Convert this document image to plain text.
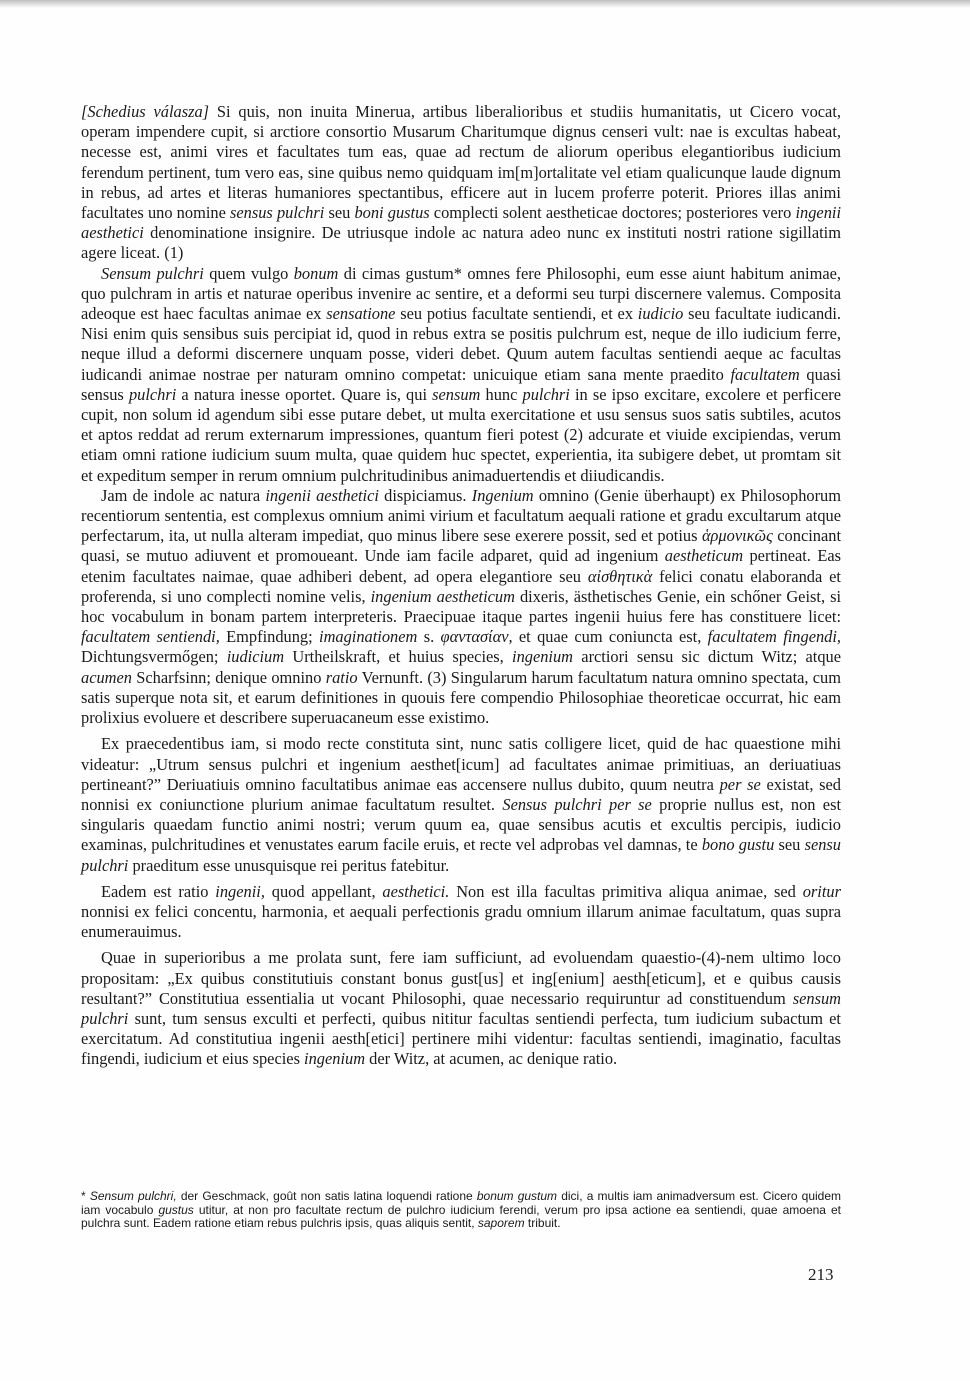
[Schedius válasza] Si quis, non inuita Minerua, artibus liberalioribus et studiis humanitatis, ut Cicero vocat, operam impendere cupit, si arctiore consortio Musarum Charitumque dignus censeri vult: nae is excultas habeat, necesse est, animi vires et facultates tum eas, quae ad rectum de aliorum operibus elegantioribus iudicium ferendum pertinent, tum vero eas, sine quibus nemo quidquam im[m]ortalitate vel etiam qualicunque laude dignum in rebus, ad artes et literas humaniores spectantibus, efficere aut in lucem proferre poterit. Priores illas animi facultates uno nomine sensus pulchri seu boni gustus complecti solent aestheticae doctores; posteriores vero ingenii aesthetici denominatione insignire. De utriusque indole ac natura adeo nunc ex instituti nostri ratione sigillatim agere liceat. (1)

Sensum pulchri quem vulgo bonum di cimas gustum* omnes fere Philosophi, eum esse aiunt habitum animae, quo pulchram in artis et naturae operibus invenire ac sentire, et a deformi seu turpi discernere valemus. Composita adeoque est haec facultas animae ex sensatione seu potius facultate sentiendi, et ex iudicio seu facultate iudicandi. Nisi enim quis sensibus suis percipiat id, quod in rebus extra se positis pulchrum est, neque de illo iudicium ferre, neque illud a deformi discernere unquam posse, videri debet. Quum autem facultas sentiendi aeque ac facultas iudicandi animae nostrae per naturam omnino competat: unicuique etiam sana mente praedito facultatem quasi sensus pulchri a natura inesse oportet. Quare is, qui sensum hunc pulchri in se ipso excitare, excolere et perficere cupit, non solum id agendum sibi esse putare debet, ut multa exercitatione et usu sensus suos satis subtiles, acutos et aptos reddat ad rerum externarum impressiones, quantum fieri potest (2) adcurate et viuide excipiendas, verum etiam omni ratione iudicium suum multa, quae quidem huc spectet, experientia, ita subigere debet, ut promtam sit et expeditum semper in rerum omnium pulchritudinibus animaduertendis et diiudicandis.

Jam de indole ac natura ingenii aesthetici dispiciamus. Ingenium omnino (Genie überhaupt) ex Philosophorum recentiorum sententia, est complexus omnium animi virium et facultatum aequali ratione et gradu excultarum atque perfectarum, ita, ut nulla alteram impediat, quo minus libere sese exerere possit, sed et potius ἁρμονικῶς concinant quasi, se mutuo adiuvent et promoueant. Unde iam facile adparet, quid ad ingenium aestheticum pertineat. Eas etenim facultates naimae, quae adhiberi debent, ad opera elegantiore seu αἰσθητικὰ felici conatu elaboranda et proferenda, si uno complecti nomine velis, ingenium aestheticum dixeris, ästhetisches Genie, ein schőner Geist, si hoc vocabulum in bonam partem interpreteris. Praecipuae itaque partes ingenii huius fere has constituere licet: facultatem sentiendi, Empfindung; imaginationem s. φαντασίαν, et quae cum coniuncta est, facultatem fingendi, Dichtungsvermőgen; iudicium Urtheilskraft, et huius species, ingenium arctiori sensu sic dictum Witz; atque acumen Scharfsinn; denique omnino ratio Vernunft. (3) Singularum harum facultatum natura omnino spectata, cum satis superque nota sit, et earum definitiones in quouis fere compendio Philosophiae theoreticae occurrat, hic eam prolixius evoluere et describere superuacaneum esse existimo.

Ex praecedentibus iam, si modo recte constituta sint, nunc satis colligere licet, quid de hac quaestione mihi videatur: „Utrum sensus pulchri et ingenium aesthet[icum] ad facultates animae primitiuas, an deriuatiuas pertineant?” Deriuatiuis omnino facultatibus animae eas accensere nullus dubito, quum neutra per se existat, sed nonnisi ex coniunctione plurium animae facultatum resultet. Sensus pulchri per se proprie nullus est, non est singularis quaedam functio animi nostri; verum quum ea, quae sensibus acutis et excultis percipis, iudicio examinas, pulchritudines et venustates earum facile eruis, et recte vel adprobas vel damnas, te bono gustu seu sensu pulchri praeditum esse unusquisque rei peritus fatebitur.

Eadem est ratio ingenii, quod appellant, aesthetici. Non est illa facultas primitiva aliqua animae, sed oritur nonnisi ex felici concentu, harmonia, et aequali perfectionis gradu omnium illarum animae facultatum, quas supra enumerauimus.

Quae in superioribus a me prolata sunt, fere iam sufficiunt, ad evoluendam quaestio-(4)-nem ultimo loco propositam: „Ex quibus constitutiuis constant bonus gust[us] et ing[enium] aesth[eticum], et e quibus causis resultant?” Constitutiua essentialia ut vocant Philosophi, quae necessario requiruntur ad constituendum sensum pulchri sunt, tum sensus exculti et perfecti, quibus nititur facultas sentiendi perfecta, tum iudicium subactum et exercitatum. Ad constitutiua ingenii aesth[etici] pertinere mihi videntur: facultas sentiendi, imaginatio, facultas fingendi, iudicium et eius species ingenium der Witz, at acumen, ac denique ratio.

* Sensum pulchri, der Geschmack, goût non satis latina loquendi ratione bonum gustum dici, a multis iam animadversum est. Cicero quidem iam vocabulo gustus utitur, at non pro facultate rectum de pulchro iudicium ferendi, verum pro ipsa actione ea sentiendi, quae amoena et pulchra sunt. Eadem ratione etiam rebus pulchris ipsis, quas aliquis sentit, saporem tribuit.
213
